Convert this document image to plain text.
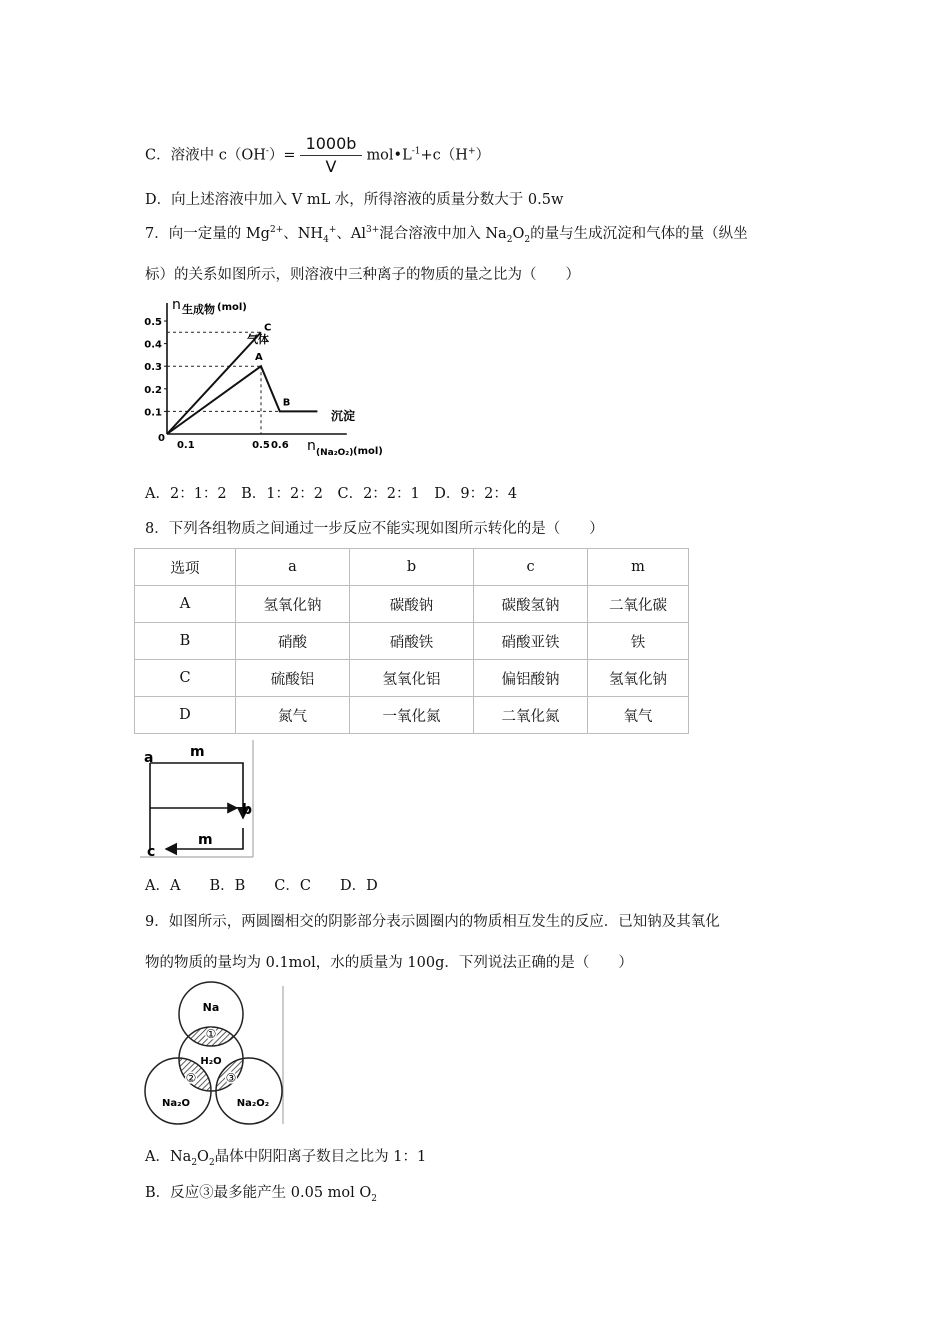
C．溶液中 $c(OH^-)= \frac{1000b}{V}$ $mol•L^{-1}+c(H^+)$
D．向上述溶液中加入 V mL 水，所得溶液的质量分数大于 0.5w
7．向一定量的 $Mg^{2+}$、$NH_4^+$、$Al^{3+}$混合溶液中加入 $Na_2O_2$的量与生成沉淀和气体的量（纵坐
标）的关系如图所示，则溶液中三种离子的物质的量之比为（　　）
0.5
0.4
0.3
0.2
0.1
0.1	0.5 0.6
n 生成物 (mol)
n (Na₂O₂) (mol)
0
气体
沉淀
C
A
B
A．2：1：2　B．1：2：2　C．2：2：1　D．9：2：4
8．下列各组物质之间通过一步反应不能实现如图所示转化的是（　　）
选项	a	b	c	m
A	氢氧化钠	碳酸钠	碳酸氢钠	二氧化碳
B	硝酸	硝酸铁	硝酸亚铁	铁
C	硫酸铝	氢氧化铝	偏铝酸钠	氢氧化钠
D	氮气	一氧化氮	二氧化氮	氧气
a
b
c
m
m
A．A　　B．B　　C．C　　D．D
9．如图所示，两圆圈相交的阴影部分表示圆圈内的物质相互发生的反应．已知钠及其氧化
物的物质的量均为 0.1mol，水的质量为 100g．下列说法正确的是（　　）
Na
H₂O
Na₂O	Na₂O₂
①
② ③
A．$Na_2O_2$晶体中阴阳离子数目之比为 1：1
B．反应③最多能产生 0.05 mol $O_2$
